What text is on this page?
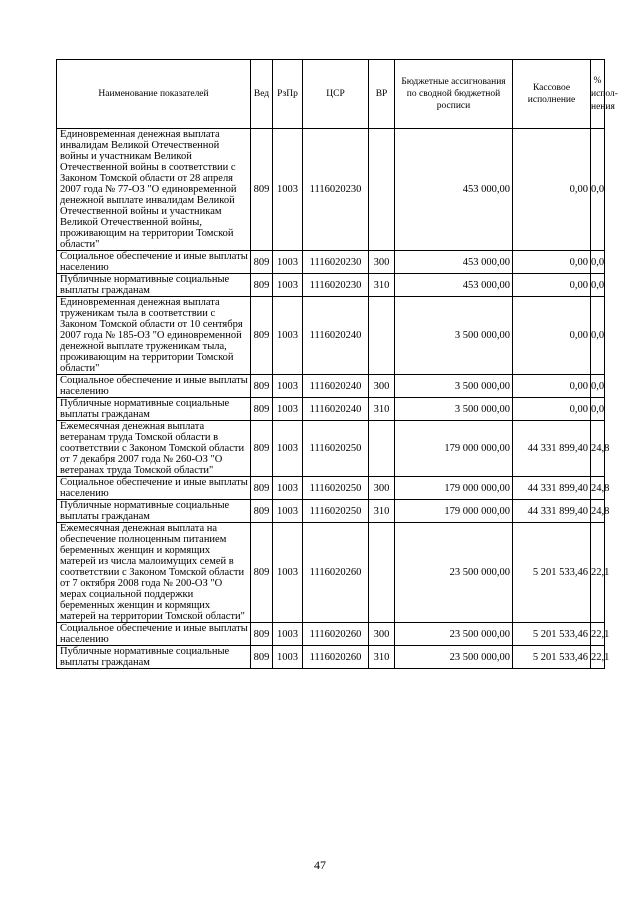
Наименование показателей	Вед	РзПр	ЦСР	ВР	Бюджетные ассигнования по сводной бюджетной росписи	Кассовое исполнение	% испол-нения
Единовременная денежная выплата инвалидам Великой Отечественной войны и участникам Великой Отечественной войны в соответствии с Законом Томской области от 28 апреля 2007 года № 77-ОЗ "О единовременной денежной выплате инвалидам Великой Отечественной войны и участникам Великой Отечественной войны, проживающим на территории Томской области"	809	1003	1116020230		453 000,00	0,00	0,0
Социальное обеспечение и иные выплаты населению	809	1003	1116020230	300	453 000,00	0,00	0,0
Публичные нормативные социальные выплаты гражданам	809	1003	1116020230	310	453 000,00	0,00	0,0
Единовременная денежная выплата труженикам тыла в соответствии с Законом Томской области от 10 сентября 2007 года № 185-ОЗ "О единовременной денежной выплате труженикам тыла, проживающим на территории Томской области"	809	1003	1116020240		3 500 000,00	0,00	0,0
Социальное обеспечение и иные выплаты населению	809	1003	1116020240	300	3 500 000,00	0,00	0,0
Публичные нормативные социальные выплаты гражданам	809	1003	1116020240	310	3 500 000,00	0,00	0,0
Ежемесячная денежная выплата ветеранам труда Томской области в соответствии с Законом Томской области от 7 декабря 2007 года № 260-ОЗ "О ветеранах труда Томской области"	809	1003	1116020250		179 000 000,00	44 331 899,40	24,8
Социальное обеспечение и иные выплаты населению	809	1003	1116020250	300	179 000 000,00	44 331 899,40	24,8
Публичные нормативные социальные выплаты гражданам	809	1003	1116020250	310	179 000 000,00	44 331 899,40	24,8
Ежемесячная денежная выплата на обеспечение полноценным питанием беременных женщин и кормящих матерей из числа малоимущих семей в соответствии с Законом Томской области от 7 октября 2008 года № 200-ОЗ "О мерах социальной поддержки беременных женщин и кормящих матерей на территории Томской области"	809	1003	1116020260		23 500 000,00	5 201 533,46	22,1
Социальное обеспечение и иные выплаты населению	809	1003	1116020260	300	23 500 000,00	5 201 533,46	22,1
Публичные нормативные социальные выплаты гражданам	809	1003	1116020260	310	23 500 000,00	5 201 533,46	22,1
47
